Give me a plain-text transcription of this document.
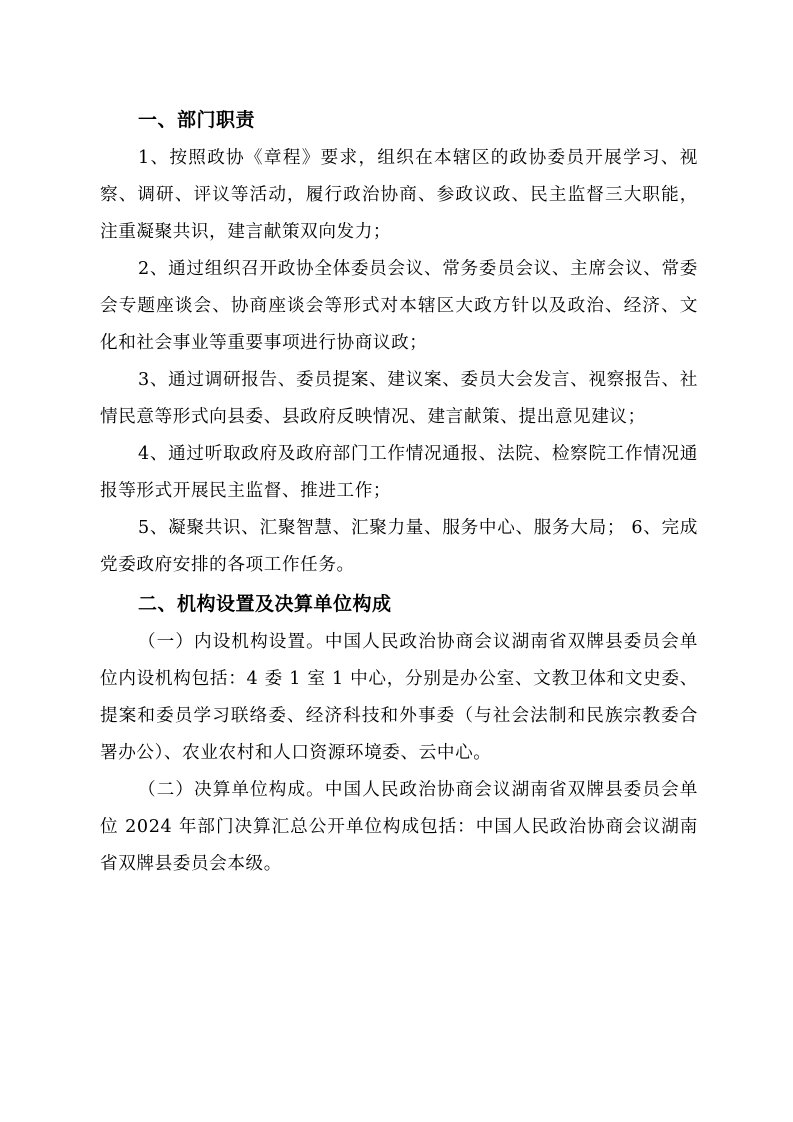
一、部门职责

1、按照政协《章程》要求，组织在本辖区的政协委员开展学习、视察、调研、评议等活动，履行政治协商、参政议政、民主监督三大职能，注重凝聚共识，建言献策双向发力；

2、通过组织召开政协全体委员会议、常务委员会议、主席会议、常委会专题座谈会、协商座谈会等形式对本辖区大政方针以及政治、经济、文化和社会事业等重要事项进行协商议政；

3、通过调研报告、委员提案、建议案、委员大会发言、视察报告、社情民意等形式向县委、县政府反映情况、建言献策、提出意见建议；

4、通过听取政府及政府部门工作情况通报、法院、检察院工作情况通报等形式开展民主监督、推进工作；

5、凝聚共识、汇聚智慧、汇聚力量、服务中心、服务大局； 6、完成党委政府安排的各项工作任务。

二、机构设置及决算单位构成

（一）内设机构设置。中国人民政治协商会议湖南省双牌县委员会单位内设机构包括：4 委 1 室 1 中心，分别是办公室、文教卫体和文史委、提案和委员学习联络委、经济科技和外事委（与社会法制和民族宗教委合署办公）、农业农村和人口资源环境委、云中心。

（二）决算单位构成。中国人民政治协商会议湖南省双牌县委员会单位 2024 年部门决算汇总公开单位构成包括：中国人民政治协商会议湖南省双牌县委员会本级。
